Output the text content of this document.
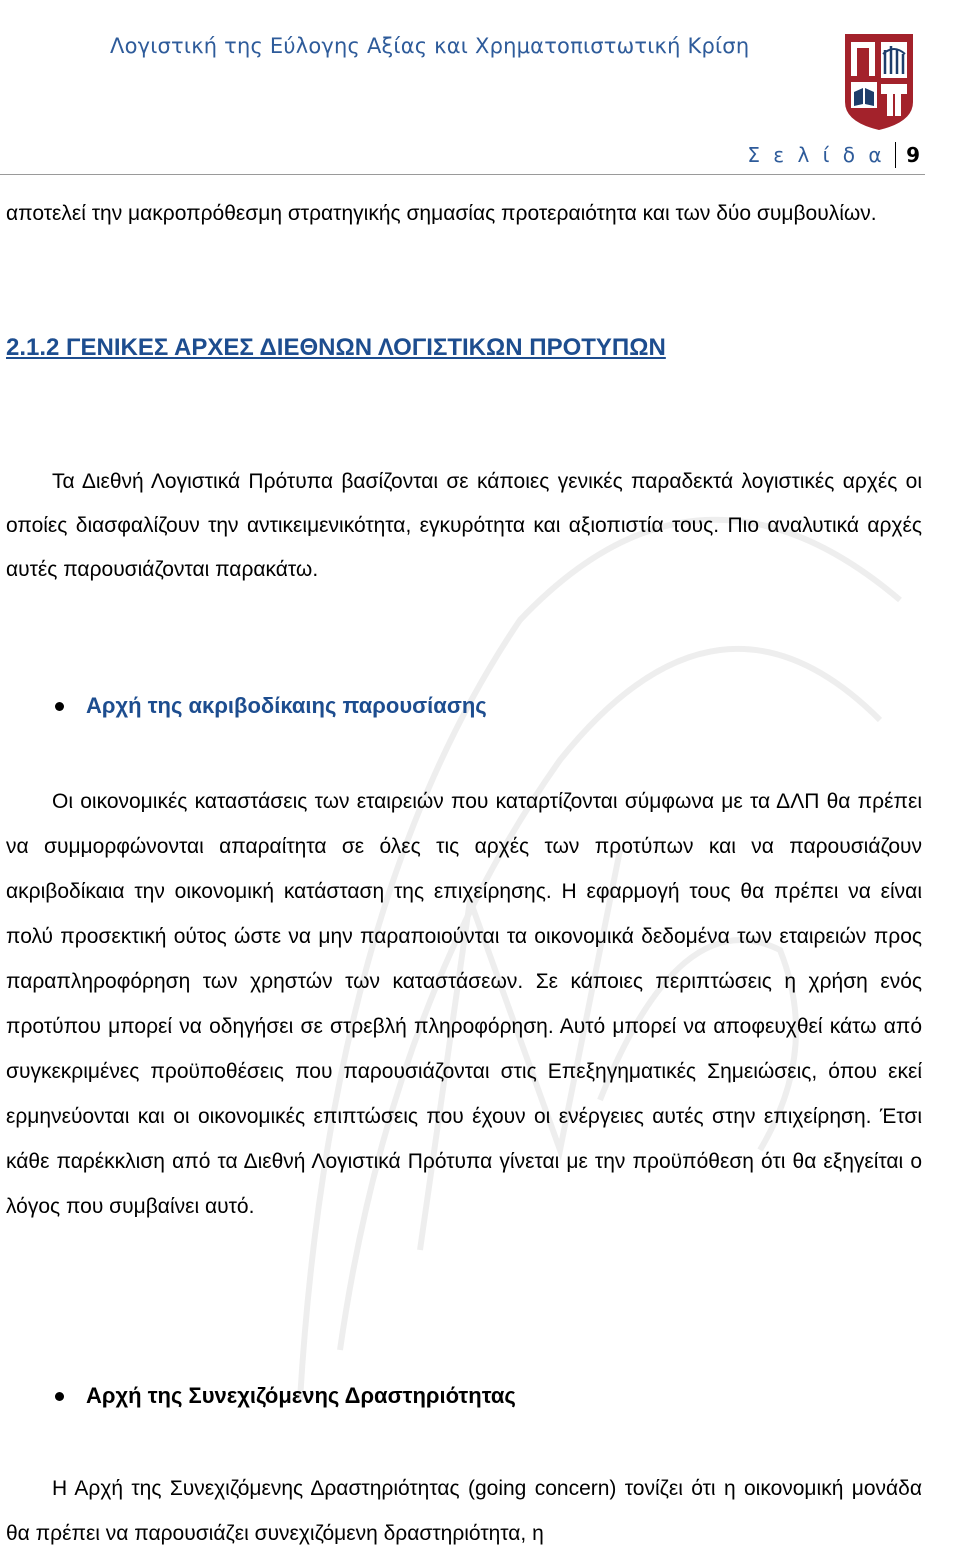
Λογιστική της Εύλογης Αξίας και Χρηματοπιστωτική Κρίση
Σ ε λ ί δ α 9
αποτελεί την μακροπρόθεσμη στρατηγικής σημασίας προτεραιότητα και των δύο συμβουλίων.
2.1.2 ΓΕΝΙΚΕΣ ΑΡΧΕΣ ΔΙΕΘΝΩΝ ΛΟΓΙΣΤΙΚΩΝ ΠΡΟΤΥΠΩΝ
Τα Διεθνή Λογιστικά Πρότυπα βασίζονται σε κάποιες γενικές παραδεκτά λογιστικές αρχές οι οποίες διασφαλίζουν την αντικειμενικότητα, εγκυρότητα και αξιοπιστία τους. Πιο αναλυτικά αρχές αυτές παρουσιάζονται παρακάτω.
Αρχή της ακριβοδίκαιης παρουσίασης
Οι οικονομικές καταστάσεις των εταιρειών που καταρτίζονται σύμφωνα με τα ΔΛΠ θα πρέπει να συμμορφώνονται απαραίτητα σε όλες τις αρχές των προτύπων και να παρουσιάζουν ακριβοδίκαια την οικονομική κατάσταση της επιχείρησης. Η εφαρμογή τους θα πρέπει να είναι πολύ προσεκτική ούτος ώστε να μην παραποιούνται τα οικονομικά δεδομένα των εταιρειών προς παραπληροφόρηση των χρηστών των καταστάσεων. Σε κάποιες περιπτώσεις η χρήση ενός προτύπου μπορεί να οδηγήσει σε στρεβλή πληροφόρηση. Αυτό μπορεί να αποφευχθεί κάτω από συγκεκριμένες προϋποθέσεις που παρουσιάζονται στις Επεξηγηματικές Σημειώσεις, όπου εκεί ερμηνεύονται και οι οικονομικές επιπτώσεις που έχουν οι ενέργειες αυτές στην επιχείρηση. Έτσι κάθε παρέκκλιση από τα Διεθνή Λογιστικά Πρότυπα γίνεται με την προϋπόθεση ότι θα εξηγείται ο λόγος που συμβαίνει αυτό.
Αρχή της Συνεχιζόμενης Δραστηριότητας
Η Αρχή της Συνεχιζόμενης Δραστηριότητας (going concern) τονίζει ότι η οικονομική μονάδα θα πρέπει να παρουσιάζει συνεχιζόμενη δραστηριότητα, η
